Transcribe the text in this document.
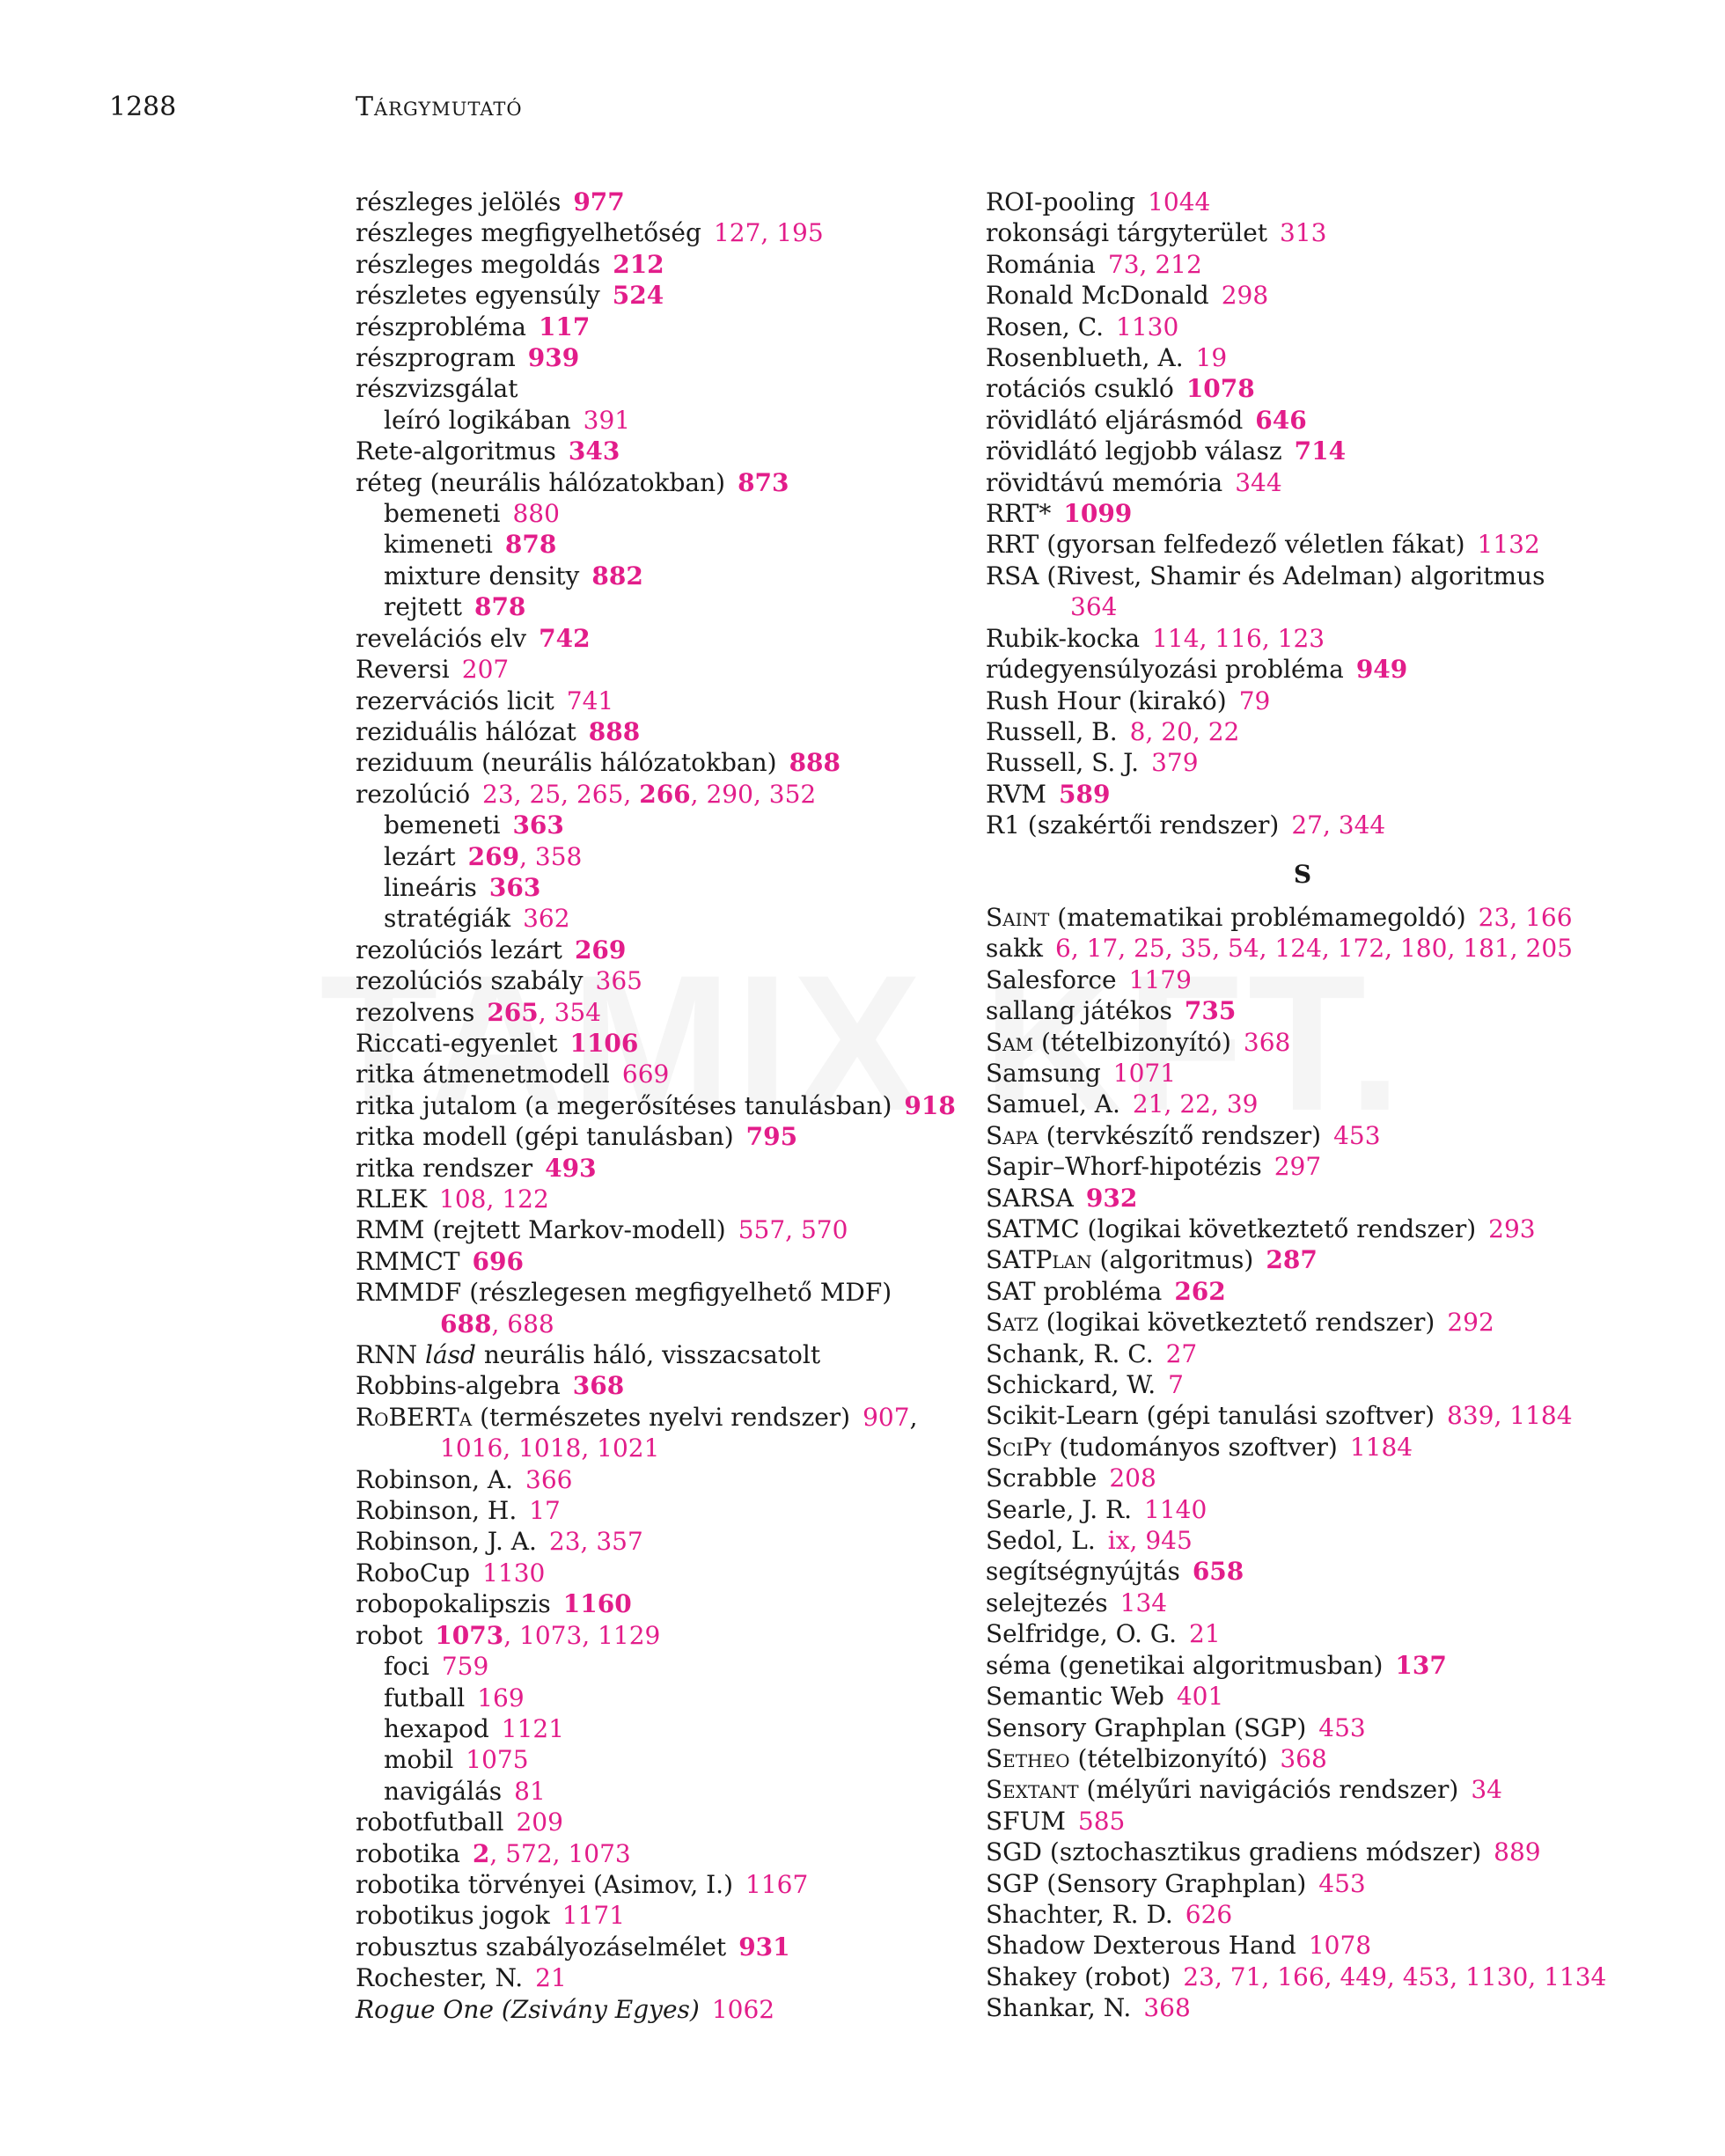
1288	Tárgymutató
részleges jelölés  977
részleges megfigyelhetőség  127, 195
részleges megoldás  212
részletes egyensúly  524
részprobléma  117
részprogram  939
részvizsgálat
leíró logikában  391
Rete-algoritmus  343
réteg (neurális hálózatokban)  873
bemeneti  880
kimeneti  878
mixture density  882
rejtett  878
revelációs elv  742
Reversi  207
rezervációs licit  741
reziduális hálózat  888
reziduum (neurális hálózatokban)  888
rezolúció  23, 25, 265, 266, 290, 352
bemeneti  363
lezárt  269, 358
lineáris  363
stratégiák  362
rezolúciós lezárt  269
rezolúciós szabály  365
rezolvens  265, 354
Riccati-egyenlet  1106
ritka átmenetmodell  669
ritka jutalom (a megerősítéses tanulásban)  918
ritka modell (gépi tanulásban)  795
ritka rendszer  493
RLEK  108, 122
RMM (rejtett Markov-modell)  557, 570
RMMCT  696
RMMDF (részlegesen megfigyelhető MDF)
688, 688
RNN lásd neurális háló, visszacsatolt
Robbins-algebra  368
RoBERTa (természetes nyelvi rendszer)  907,
1016, 1018, 1021
Robinson, A.  366
Robinson, H.  17
Robinson, J. A.  23, 357
RoboCup  1130
robopokalipszis  1160
robot  1073, 1073, 1129
foci  759
futball  169
hexapod  1121
mobil  1075
navigálás  81
robotfutball  209
robotika  2, 572, 1073
robotika törvényei (Asimov, I.)  1167
robotikus jogok  1171
robusztus szabályozáselmélet  931
Rochester, N.  21
Rogue One (Zsivány Egyes)  1062
ROI-pooling  1044
rokonsági tárgyterület  313
Románia  73, 212
Ronald McDonald  298
Rosen, C.  1130
Rosenblueth, A.  19
rotációs csukló  1078
rövidlátó eljárásmód  646
rövidlátó legjobb válasz  714
rövidtávú memória  344
RRT*  1099
RRT (gyorsan felfedező véletlen fákat)  1132
RSA (Rivest, Shamir és Adelman) algoritmus
364
Rubik-kocka  114, 116, 123
rúdegyensúlyozási probléma  949
Rush Hour (kirakó)  79
Russell, B.  8, 20, 22
Russell, S. J.  379
RVM  589
R1 (szakértői rendszer)  27, 344
S
Saint (matematikai problémamegoldó)  23, 166
sakk  6, 17, 25, 35, 54, 124, 172, 180, 181, 205
Salesforce  1179
sallang játékos  735
Sam (tételbizonyító)  368
Samsung  1071
Samuel, A.  21, 22, 39
Sapa (tervkészítő rendszer)  453
Sapir–Whorf-hipotézis  297
SARSA  932
SATMC (logikai következtető rendszer)  293
SATPlan (algoritmus)  287
SAT probléma  262
Satz (logikai következtető rendszer)  292
Schank, R. C.  27
Schickard, W.  7
Scikit-Learn (gépi tanulási szoftver)  839, 1184
SciPy (tudományos szoftver)  1184
Scrabble  208
Searle, J. R.  1140
Sedol, L.  ix, 945
segítségnyújtás  658
selejtezés  134
Selfridge, O. G.  21
séma (genetikai algoritmusban)  137
Semantic Web  401
Sensory Graphplan (SGP)  453
Setheo (tételbizonyító)  368
Sextant (mélyűri navigációs rendszer)  34
SFUM  585
SGD (sztochasztikus gradiens módszer)  889
SGP (Sensory Graphplan)  453
Shachter, R. D.  626
Shadow Dexterous Hand  1078
Shakey (robot)  23, 71, 166, 449, 453, 1130, 1134
Shankar, N.  368
